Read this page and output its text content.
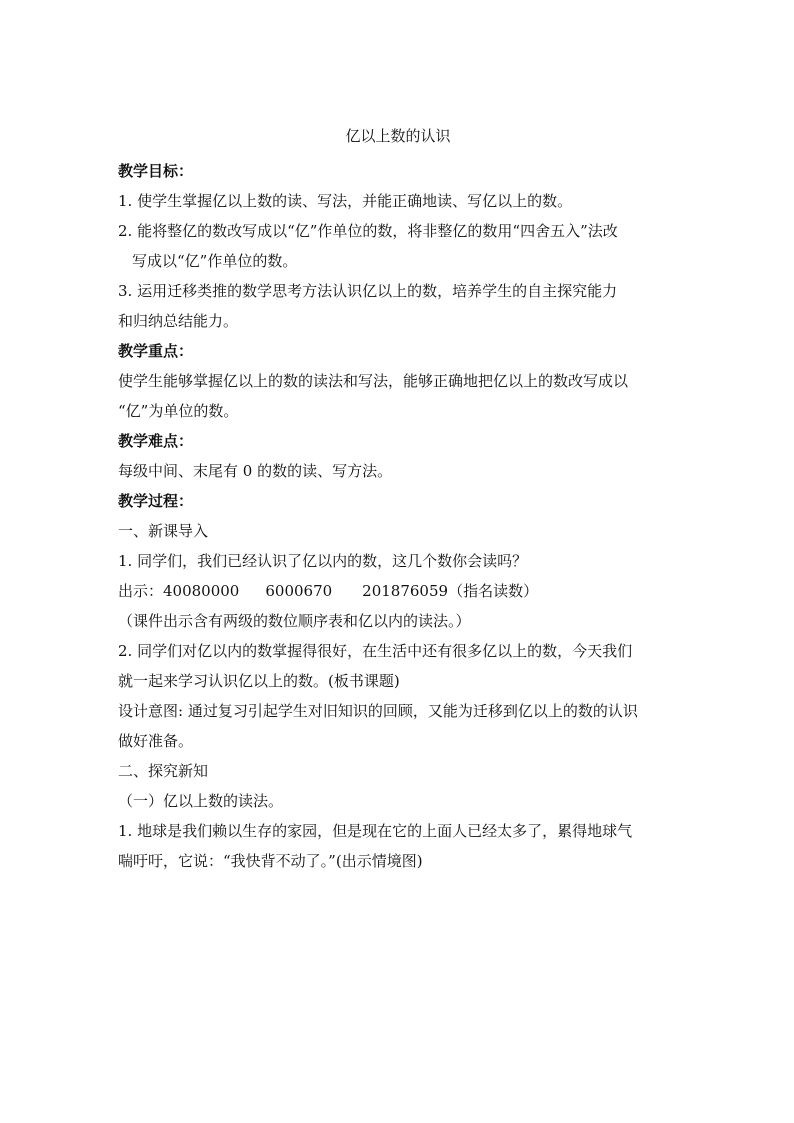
亿以上数的认识

教学目标：

1. 使学生掌握亿以上数的读、写法，并能正确地读、写亿以上的数。

2. 能将整亿的数改写成以“亿”作单位的数，将非整亿的数用“四舍五入”法改

写成以“亿”作单位的数。

3. 运用迁移类推的数学思考方法认识亿以上的数，培养学生的自主探究能力

和归纳总结能力。

教学重点：

使学生能够掌握亿以上的数的读法和写法，能够正确地把亿以上的数改写成以

“亿”为单位的数。

教学难点：

每级中间、末尾有 0 的数的读、写方法。

教学过程：

一、新课导入

1. 同学们，我们已经认识了亿以内的数，这几个数你会读吗？

出示：40080000 6000670 201876059（指名读数）

（课件出示含有两级的数位顺序表和亿以内的读法。）

2. 同学们对亿以内的数掌握得很好，在生活中还有很多亿以上的数，今天我们

就一起来学习认识亿以上的数。(板书课题)

设计意图: 通过复习引起学生对旧知识的回顾，又能为迁移到亿以上的数的认识

做好准备。

二、探究新知

（一）亿以上数的读法。

1. 地球是我们赖以生存的家园，但是现在它的上面人已经太多了，累得地球气

喘吁吁，它说：“我快背不动了。”(出示情境图)
